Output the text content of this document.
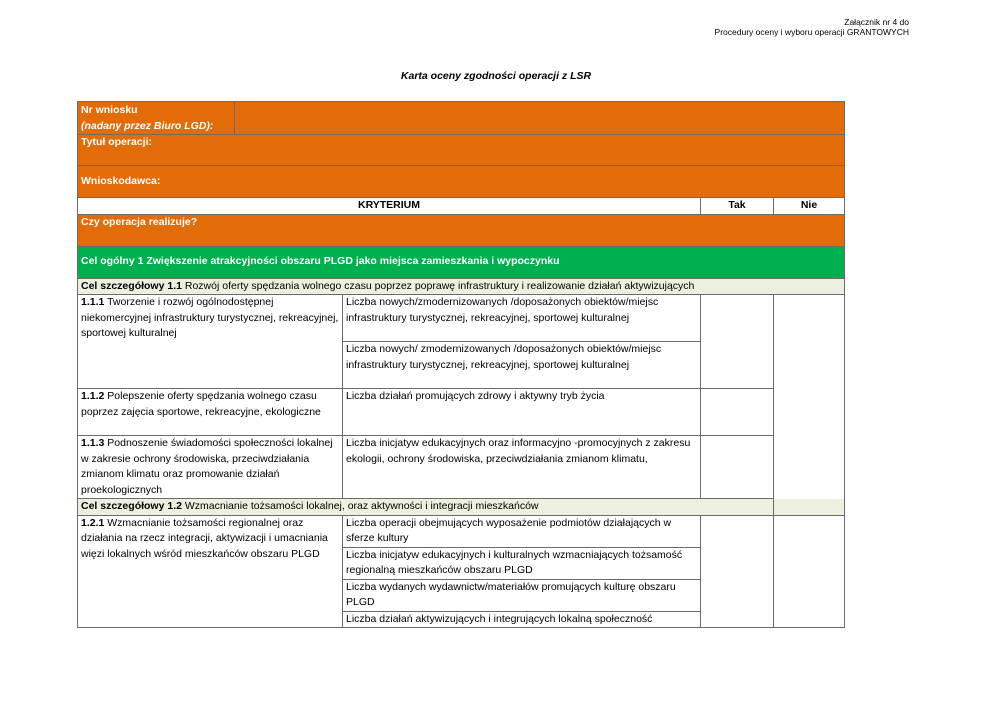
Załącznik nr 4 do
Procedury oceny i wyboru operacji GRANTOWYCH
Karta oceny zgodności operacji z LSR
Nr wniosku
(nadany przez Biuro LGD):				

Tytuł operacji:				
Wnioskodawca:				
KRYTERIUM			Tak	Nie
Czy operacja realizuje?				
Cel ogólny 1 Zwiększenie atrakcyjności obszaru PLGD jako miejsca zamieszkania i wypoczynku				
Cel szczegółowy 1.1 Rozwój oferty spędzania wolnego czasu poprzez poprawę infrastruktury i realizowanie działań aktywizujących				
1.1.1 Tworzenie i rozwój ogólnodostępnej niekomercyjnej infrastruktury turystycznej, rekreacyjnej, sportowej kulturalnej		Liczba nowych/zmodernizowanych /doposażonych obiektów/miejsc infrastruktury turystycznej, rekreacyjnej, sportowej kulturalnej	

		Liczba nowych/ zmodernizowanych /doposażonych obiektów/miejsc infrastruktury turystycznej, rekreacyjnej, sportowej kulturalnej		
1.1.2 Polepszenie oferty spędzania wolnego czasu poprzez zajęcia sportowe, rekreacyjne, ekologiczne		Liczba działań promujących zdrowy i aktywny tryb życia		
1.1.3 Podnoszenie świadomości społeczności lokalnej w zakresie ochrony środowiska, przeciwdziałania zmianom klimatu oraz promowanie działań proekologicznych		Liczba inicjatyw edukacyjnych oraz informacyjno -promocyjnych z zakresu ekologii, ochrony środowiska, przeciwdziałania zmianom klimatu,		
Cel szczegółowy 1.2 Wzmacnianie tożsamości lokalnej, oraz aktywności i integracji mieszkańców				
1.2.1 Wzmacnianie tożsamości regionalnej oraz działania na rzecz integracji, aktywizacji i umacniania więzi lokalnych wśród mieszkańców obszaru PLGD		Liczba operacji obejmujących wyposażenie podmiotów działających w sferze kultury		
		Liczba inicjatyw edukacyjnych i kulturalnych wzmacniających tożsamość regionalną mieszkańców obszaru PLGD		
		Liczba wydanych wydawnictw/materiałów promujących kulturę obszaru PLGD		
		Liczba działań aktywizujących i integrujących lokalną społeczność		
